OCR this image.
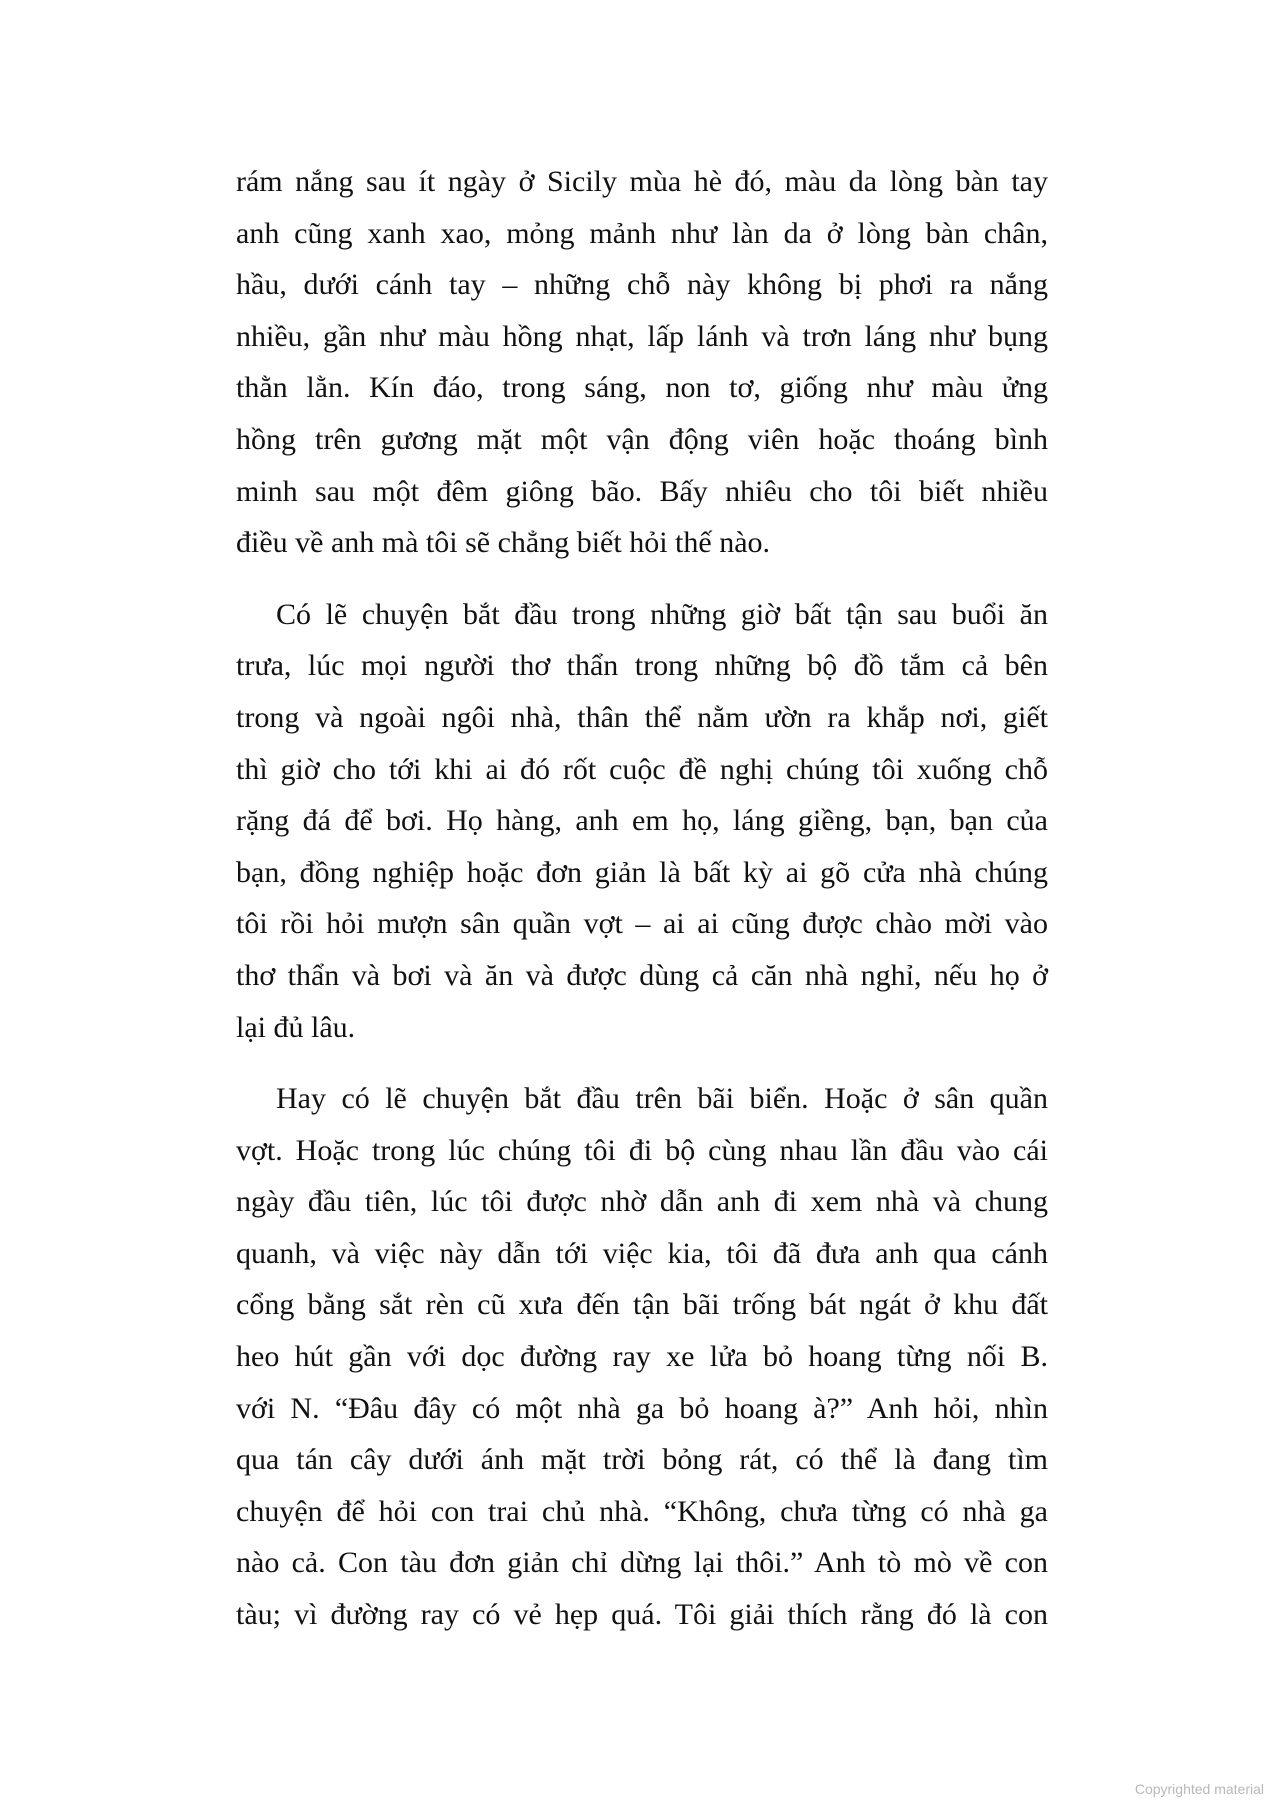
rám nắng sau ít ngày ở Sicily mùa hè đó, màu da lòng bàn tay
anh cũng xanh xao, mỏng mảnh như làn da ở lòng bàn chân,
hầu, dưới cánh tay – những chỗ này không bị phơi ra nắng
nhiều, gần như màu hồng nhạt, lấp lánh và trơn láng như bụng
thằn lằn. Kín đáo, trong sáng, non tơ, giống như màu ửng
hồng trên gương mặt một vận động viên hoặc thoáng bình
minh sau một đêm giông bão. Bấy nhiêu cho tôi biết nhiều
điều về anh mà tôi sẽ chẳng biết hỏi thế nào.

Có lẽ chuyện bắt đầu trong những giờ bất tận sau buổi ăn
trưa, lúc mọi người thơ thẩn trong những bộ đồ tắm cả bên
trong và ngoài ngôi nhà, thân thể nằm ườn ra khắp nơi, giết
thì giờ cho tới khi ai đó rốt cuộc đề nghị chúng tôi xuống chỗ
rặng đá để bơi. Họ hàng, anh em họ, láng giềng, bạn, bạn của
bạn, đồng nghiệp hoặc đơn giản là bất kỳ ai gõ cửa nhà chúng
tôi rồi hỏi mượn sân quần vợt – ai ai cũng được chào mời vào
thơ thẩn và bơi và ăn và được dùng cả căn nhà nghỉ, nếu họ ở
lại đủ lâu.

Hay có lẽ chuyện bắt đầu trên bãi biển. Hoặc ở sân quần
vợt. Hoặc trong lúc chúng tôi đi bộ cùng nhau lần đầu vào cái
ngày đầu tiên, lúc tôi được nhờ dẫn anh đi xem nhà và chung
quanh, và việc này dẫn tới việc kia, tôi đã đưa anh qua cánh
cổng bằng sắt rèn cũ xưa đến tận bãi trống bát ngát ở khu đất
heo hút gần với dọc đường ray xe lửa bỏ hoang từng nối B.
với N. “Đâu đây có một nhà ga bỏ hoang à?” Anh hỏi, nhìn
qua tán cây dưới ánh mặt trời bỏng rát, có thể là đang tìm
chuyện để hỏi con trai chủ nhà. “Không, chưa từng có nhà ga
nào cả. Con tàu đơn giản chỉ dừng lại thôi.” Anh tò mò về con
tàu; vì đường ray có vẻ hẹp quá. Tôi giải thích rằng đó là con

Copyrighted material
